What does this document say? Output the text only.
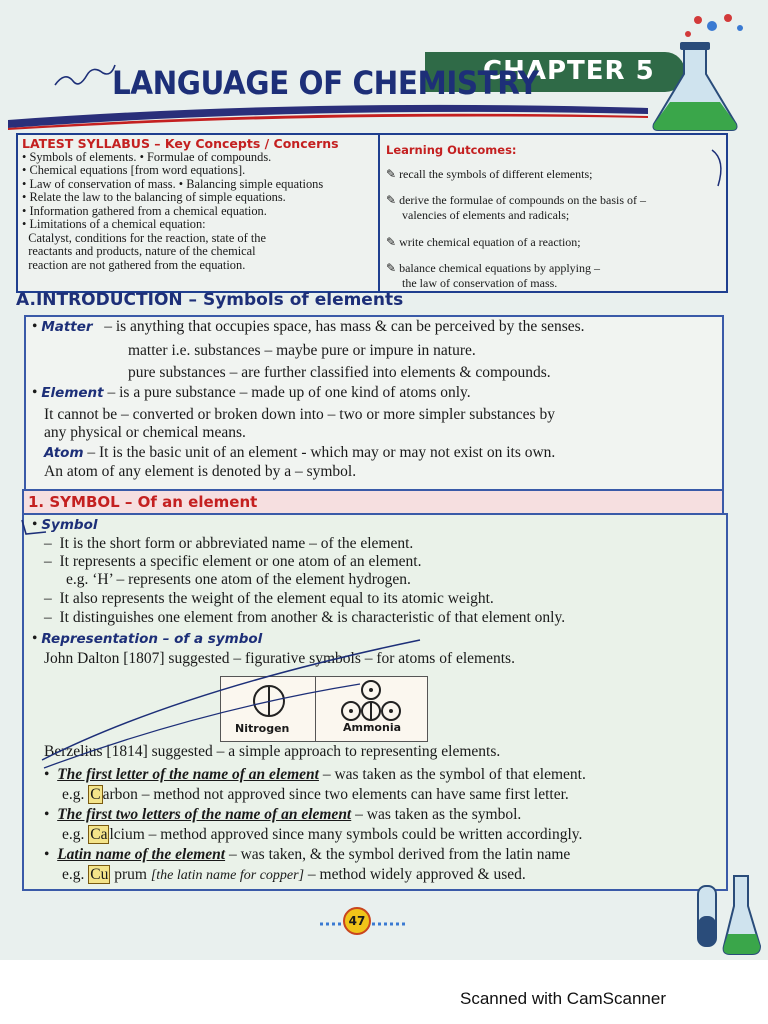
CHAPTER 5
LANGUAGE OF CHEMISTRY
LATEST SYLLABUS – Key Concepts / Concerns
• Symbols of elements. • Formulae of compounds.
• Chemical equations [from word equations].
• Law of conservation of mass. • Balancing simple equations
• Relate the law to the balancing of simple equations.
• Information gathered from a chemical equation.
• Limitations of a chemical equation:
Catalyst, conditions for the reaction, state of the
reactants and products, nature of the chemical
reaction are not gathered from the equation.
Learning Outcomes:
✎ recall the symbols of different elements;
✎ derive the formulae of compounds on the basis of –
valencies of elements and radicals;
✎ write chemical equation of a reaction;
✎ balance chemical equations by applying –
the law of conservation of mass.
A.INTRODUCTION – Symbols of elements
• Matter – is anything that occupies space, has mass & can be perceived by the senses.
matter i.e. substances – maybe pure or impure in nature.
pure substances – are further classified into elements & compounds.
• Element – is a pure substance – made up of one kind of atoms only.
It cannot be – converted or broken down into – two or more simpler substances by
any physical or chemical means.
Atom – It is the basic unit of an element - which may or may not exist on its own.
An atom of any element is denoted by a – symbol.
1. SYMBOL – Of an element
• Symbol
–  It is the short form or abbreviated name – of the element.
–  It represents a specific element or one atom of an element.
e.g. ‘H’ – represents one atom of the element hydrogen.
–  It also represents the weight of the element equal to its atomic weight.
–  It distinguishes one element from another & is characteristic of that element only.
• Representation – of a symbol
John Dalton [1807] suggested – figurative symbols – for atoms of elements.
Nitrogen	Ammonia
Berzelius [1814] suggested – a simple approach to representing elements.
•  The first letter of the name of an element – was taken as the symbol of that element.
e.g. C arbon – method not approved since two elements can have same first letter.
•  The first two letters of the name of an element – was taken as the symbol.
e.g. Ca lcium – method approved since many symbols could be written accordingly.
•  Latin name of the element – was taken, & the symbol derived from the latin name
e.g. Cu prum [the latin name for copper] – method widely approved & used.
47
Scanned with CamScanner
